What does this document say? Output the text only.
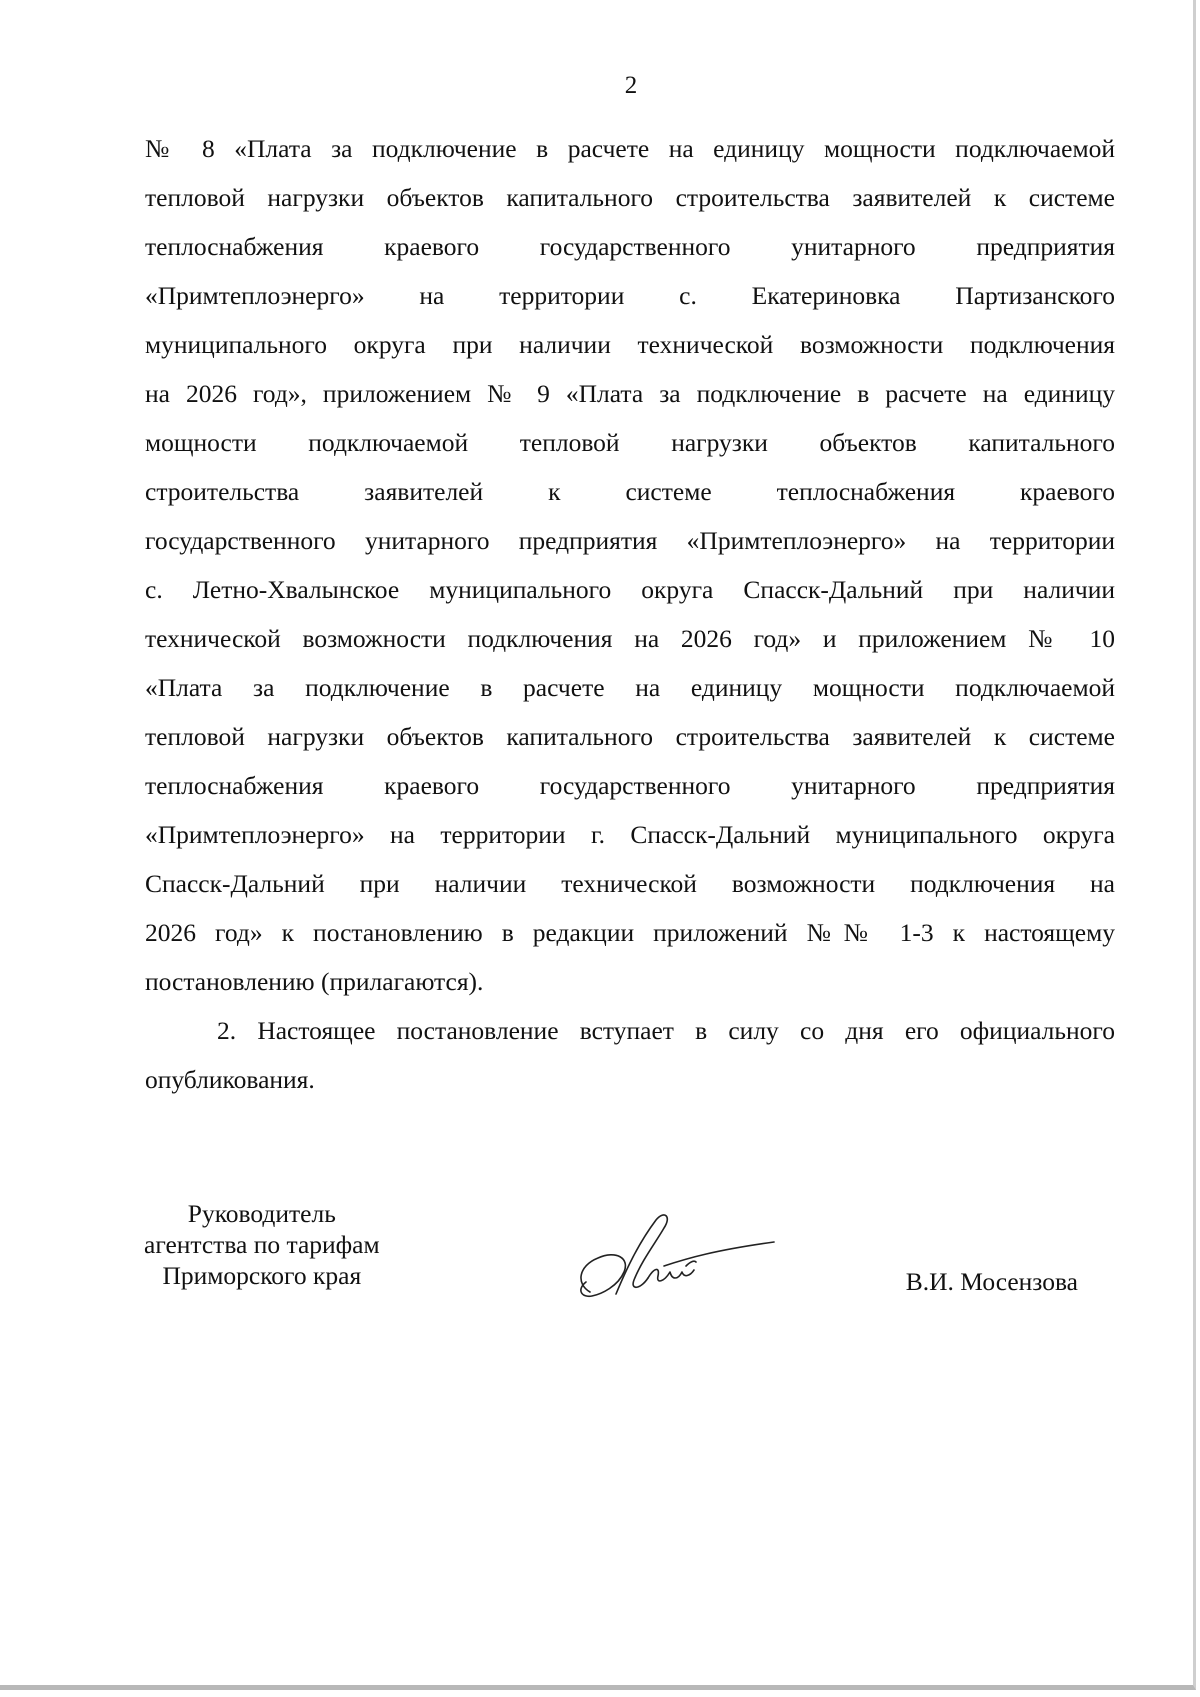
2
№ 8 «Плата за подключение в расчете на единицу мощности подключаемой
тепловой нагрузки объектов капитального строительства заявителей к системе
теплоснабжения краевого государственного унитарного предприятия
«Примтеплоэнерго» на территории с. Екатериновка Партизанского
муниципального округа при наличии технической возможности подключения
на 2026 год», приложением № 9 «Плата за подключение в расчете на единицу
мощности подключаемой тепловой нагрузки объектов капитального
строительства заявителей к системе теплоснабжения краевого
государственного унитарного предприятия «Примтеплоэнерго» на территории
с. Летно-Хвалынское муниципального округа Спасск-Дальний при наличии
технической возможности подключения на 2026 год» и приложением № 10
«Плата за подключение в расчете на единицу мощности подключаемой
тепловой нагрузки объектов капитального строительства заявителей к системе
теплоснабжения краевого государственного унитарного предприятия
«Примтеплоэнерго» на территории г. Спасск-Дальний муниципального округа
Спасск-Дальний при наличии технической возможности подключения на
2026 год» к постановлению в редакции приложений №№ 1-3 к настоящему
постановлению (прилагаются).
2. Настоящее постановление вступает в силу со дня его официального
опубликования.
Руководитель
агентства по тарифам
Приморского края	В.И. Мосензова
